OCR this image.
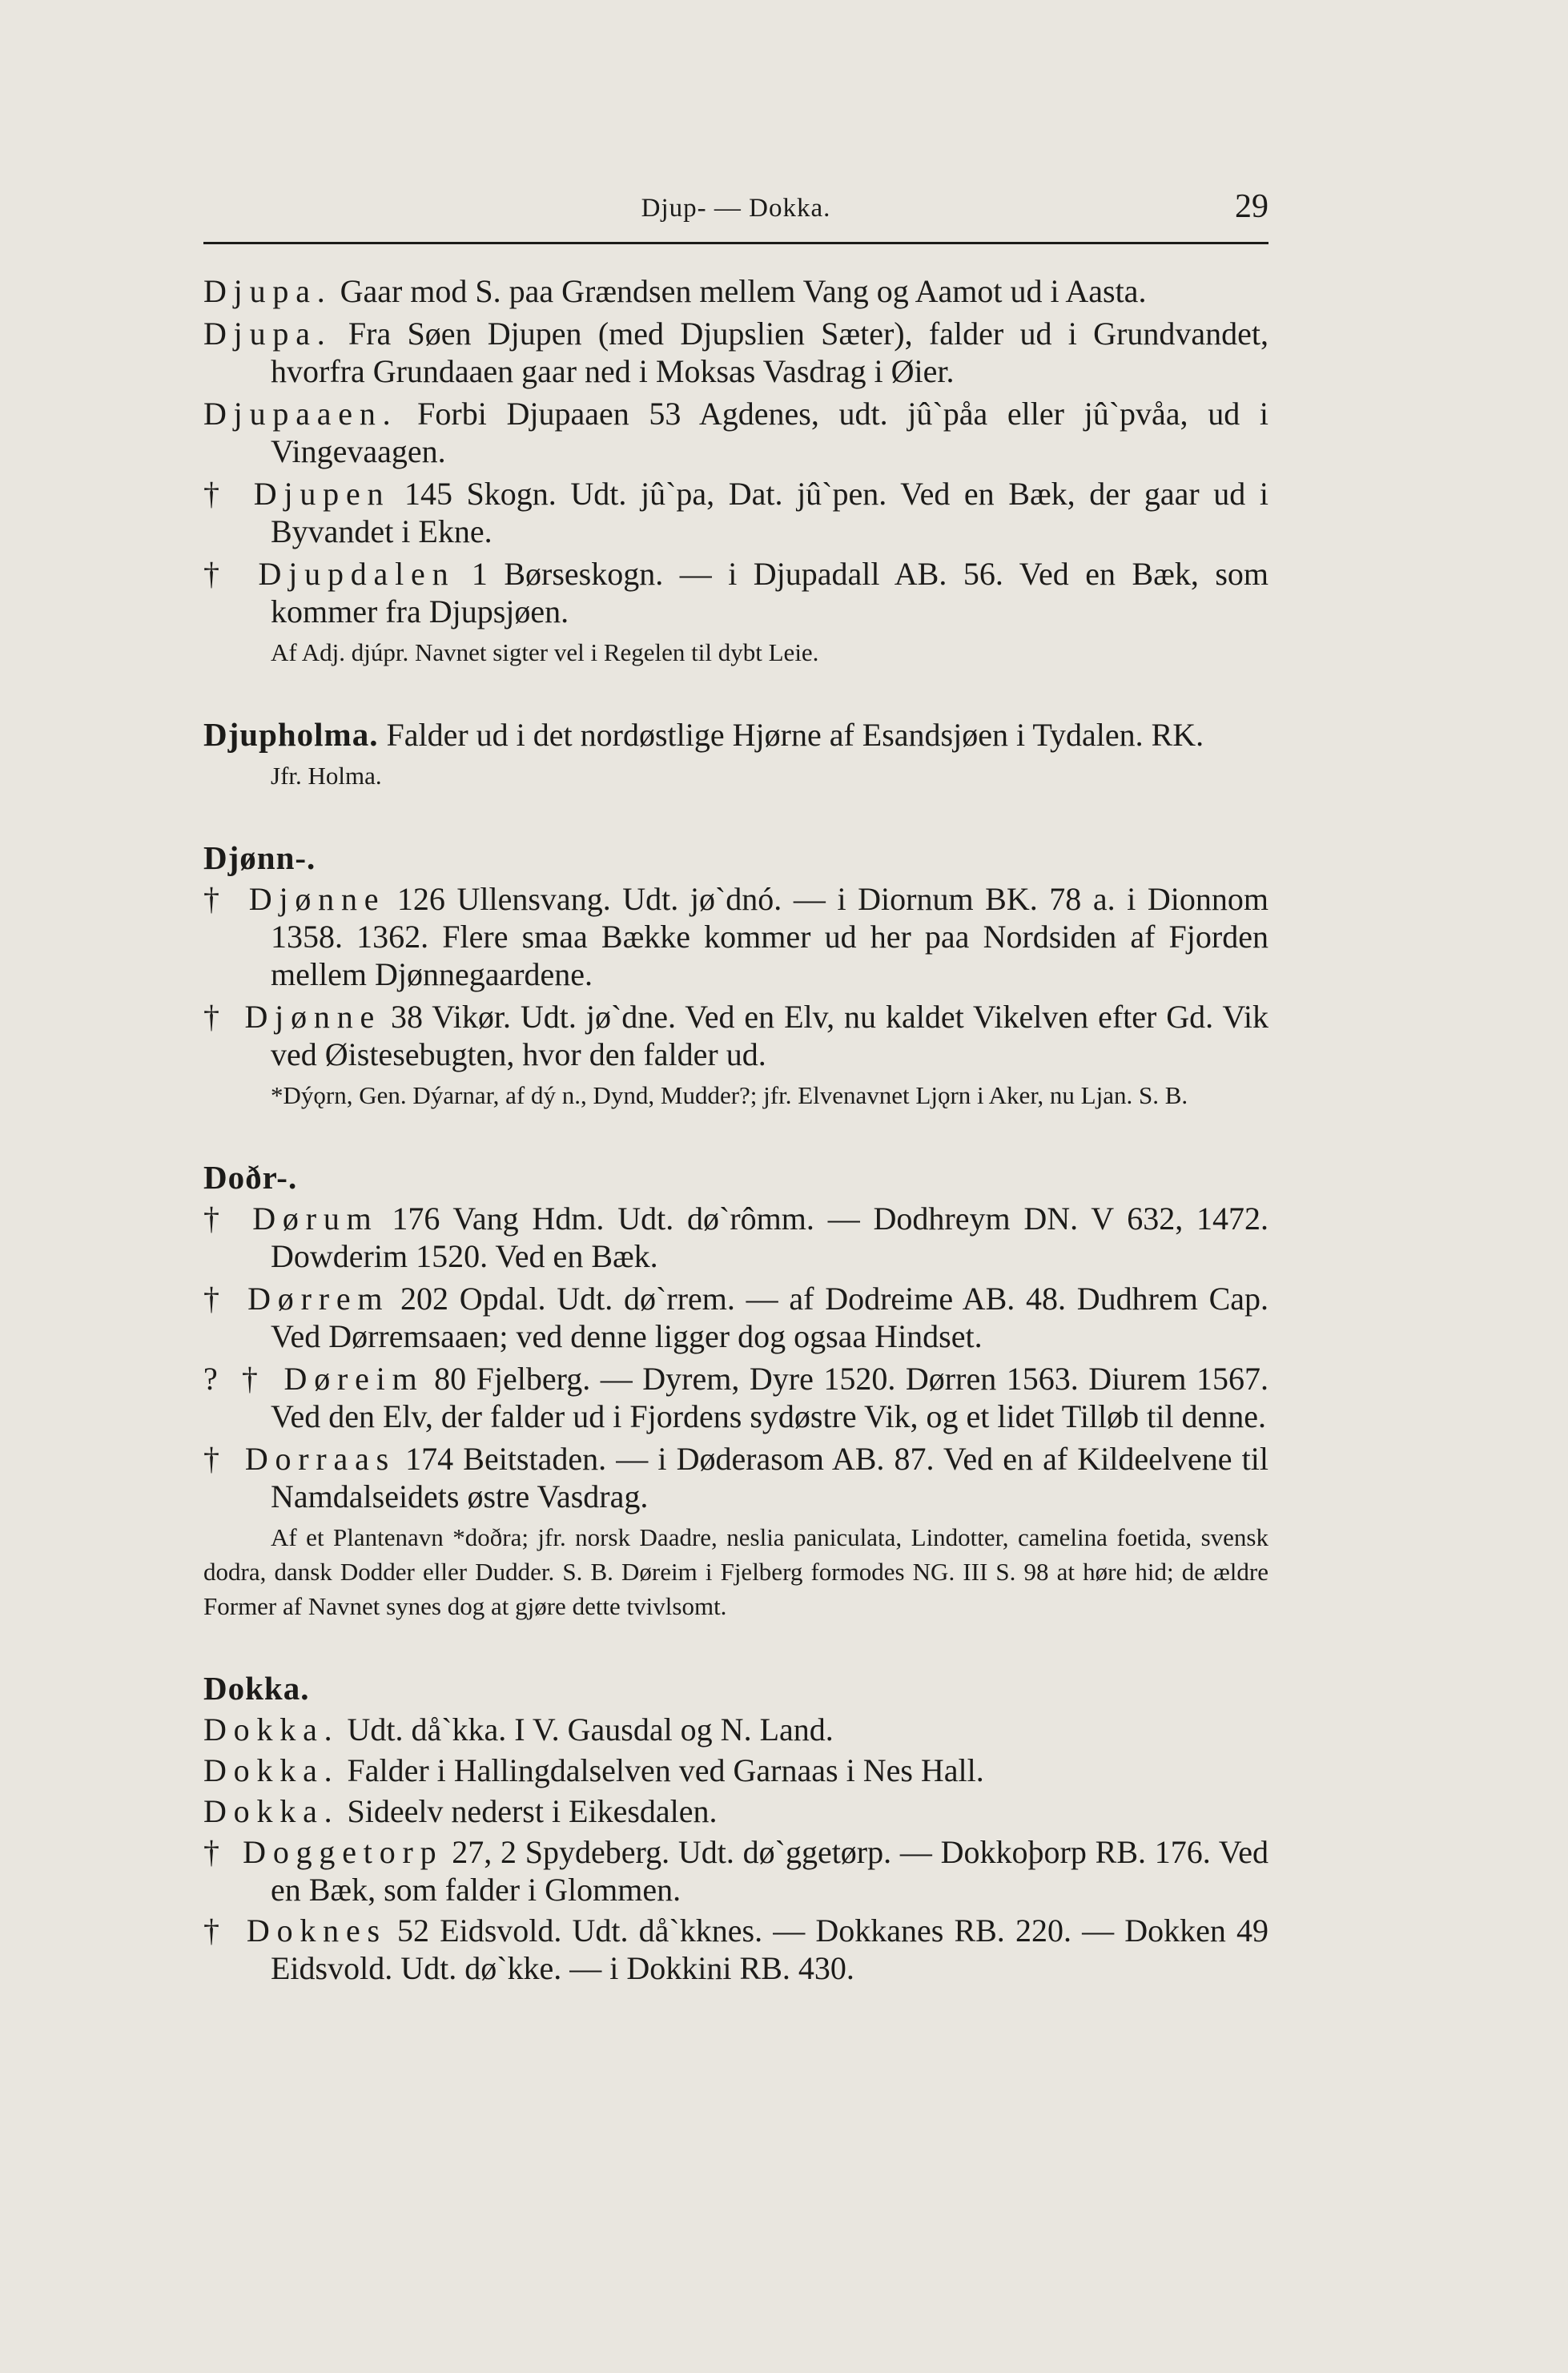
Djup- — Dokka.	29

Djupa. Gaar mod S. paa Grændsen mellem Vang og Aamot ud i Aasta.

Djupa. Fra Søen Djupen (med Djupslien Sæter), falder ud i Grundvandet, hvorfra Grundaaen gaar ned i Moksas Vasdrag i Øier.

Djupaaen. Forbi Djupaaen 53 Agdenes, udt. jû`påa eller jû`pvåa, ud i Vingevaagen.

† Djupen 145 Skogn. Udt. jû`pa, Dat. jû`pen. Ved en Bæk, der gaar ud i Byvandet i Ekne.

† Djupdalen 1 Børseskogn. — i Djupadall AB. 56. Ved en Bæk, som kommer fra Djupsjøen.

Af Adj. djúpr. Navnet sigter vel i Regelen til dybt Leie.

Djupholma. Falder ud i det nordøstlige Hjørne af Esandsjøen i Tydalen. RK.

Jfr. Holma.

Djønn-.

† Djønne 126 Ullensvang. Udt. jø`dnó. — i Diornum BK. 78 a. i Dionnom 1358. 1362. Flere smaa Bække kommer ud her paa Nordsiden af Fjorden mellem Djønnegaardene.

† Djønne 38 Vikør. Udt. jø`dne. Ved en Elv, nu kaldet Vikelven efter Gd. Vik ved Øistesebugten, hvor den falder ud.

*Dýǫrn, Gen. Dýarnar, af dý n., Dynd, Mudder?; jfr. Elvenavnet Ljǫrn i Aker, nu Ljan. S. B.

Doðr-.

† Dørum 176 Vang Hdm. Udt. dø`rômm. — Dodhreym DN. V 632, 1472. Dowderim 1520. Ved en Bæk.

† Dørrem 202 Opdal. Udt. dø`rrem. — af Dodreime AB. 48. Dudhrem Cap. Ved Dørremsaaen; ved denne ligger dog ogsaa Hindset.

? † Døreim 80 Fjelberg. — Dyrem, Dyre 1520. Dørren 1563. Diurem 1567. Ved den Elv, der falder ud i Fjordens sydøstre Vik, og et lidet Tilløb til denne.

† Dorraas 174 Beitstaden. — i Døderasom AB. 87. Ved en af Kildeelvene til Namdalseidets østre Vasdrag.

Af et Plantenavn *doðra; jfr. norsk Daadre, neslia paniculata, Lindotter, camelina foetida, svensk dodra, dansk Dodder eller Dudder. S. B. Døreim i Fjelberg formodes NG. III S. 98 at høre hid; de ældre Former af Navnet synes dog at gjøre dette tvivlsomt.

Dokka.

Dokka. Udt. då`kka. I V. Gausdal og N. Land.

Dokka. Falder i Hallingdalselven ved Garnaas i Nes Hall.

Dokka. Sideelv nederst i Eikesdalen.

† Doggetorp 27, 2 Spydeberg. Udt. dø`ggetørp. — Dokkoþorp RB. 176. Ved en Bæk, som falder i Glommen.

† Doknes 52 Eidsvold. Udt. då`kknes. — Dokkanes RB. 220. — Dokken 49 Eidsvold. Udt. dø`kke. — i Dokkini RB. 430.
